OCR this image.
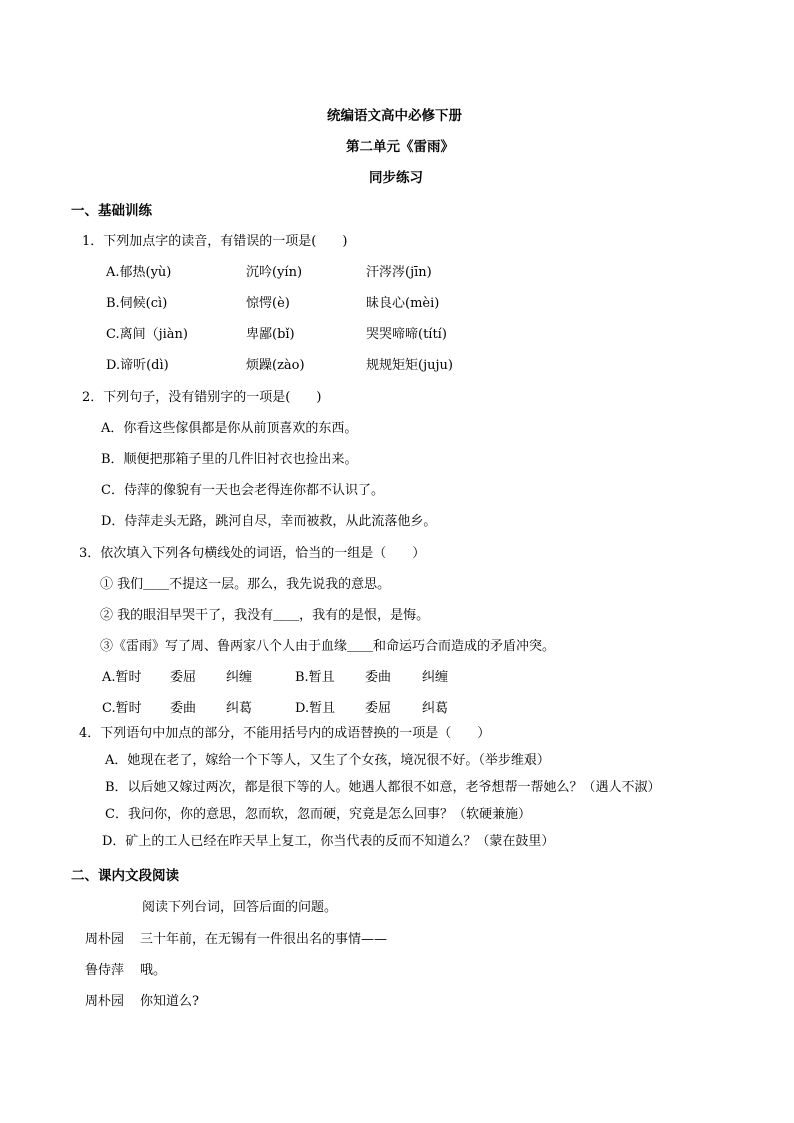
统编语文高中必修下册
第二单元《雷雨》
同步练习
一、基础训练
1．下列加点字的读音，有错误的一项是(　　)
A.郁热(yù)	沉吟(yín)	汗涔涔(jīn)
B.伺候(cì)	惊愕(è)	昧良心(mèi)
C.离间（jiàn)	卑鄙(bǐ)	哭哭啼啼(títí)
D.谛听(dì)	烦躁(zào)	规规矩矩(juju)
2．下列句子，没有错别字的一项是(　　)
A．你看这些傢俱都是你从前顶喜欢的东西。
B．顺便把那箱子里的几件旧衬衣也捡出来。
C．侍萍的像貌有一天也会老得连你都不认识了。
D．侍萍走头无路，跳河自尽，幸而被救，从此流落他乡。
3．依次填入下列各句横线处的词语，恰当的一组是（　　）
① 我们＿＿不提这一层。那么，我先说我的意思。
② 我的眼泪早哭干了，我没有＿＿，我有的是恨，是悔。
③《雷雨》写了周、鲁两家八个人由于血缘＿＿和命运巧合而造成的矛盾冲突。
A.暂时 委屈 纠缠	B.暂且 委曲 纠缠
C.暂时 委曲 纠葛	D.暂且 委屈 纠葛
4．下列语句中加点的部分，不能用括号内的成语替换的一项是（　　）
A．她现在老了，嫁给一个下等人，又生了个女孩，境况很不好。（举步维艰）
B．以后她又嫁过两次，都是很下等的人。她遇人都很不如意，老爷想帮一帮她么？（遇人不淑）
C．我问你，你的意思，忽而软，忽而硬，究竟是怎么回事？（软硬兼施）
D．矿上的工人已经在昨天早上复工，你当代表的反而不知道么？（蒙在鼓里）
二、课内文段阅读
阅读下列台词，回答后面的问题。
周朴园 三十年前，在无锡有一件很出名的事情——
鲁侍萍 哦。
周朴园 你知道么?
